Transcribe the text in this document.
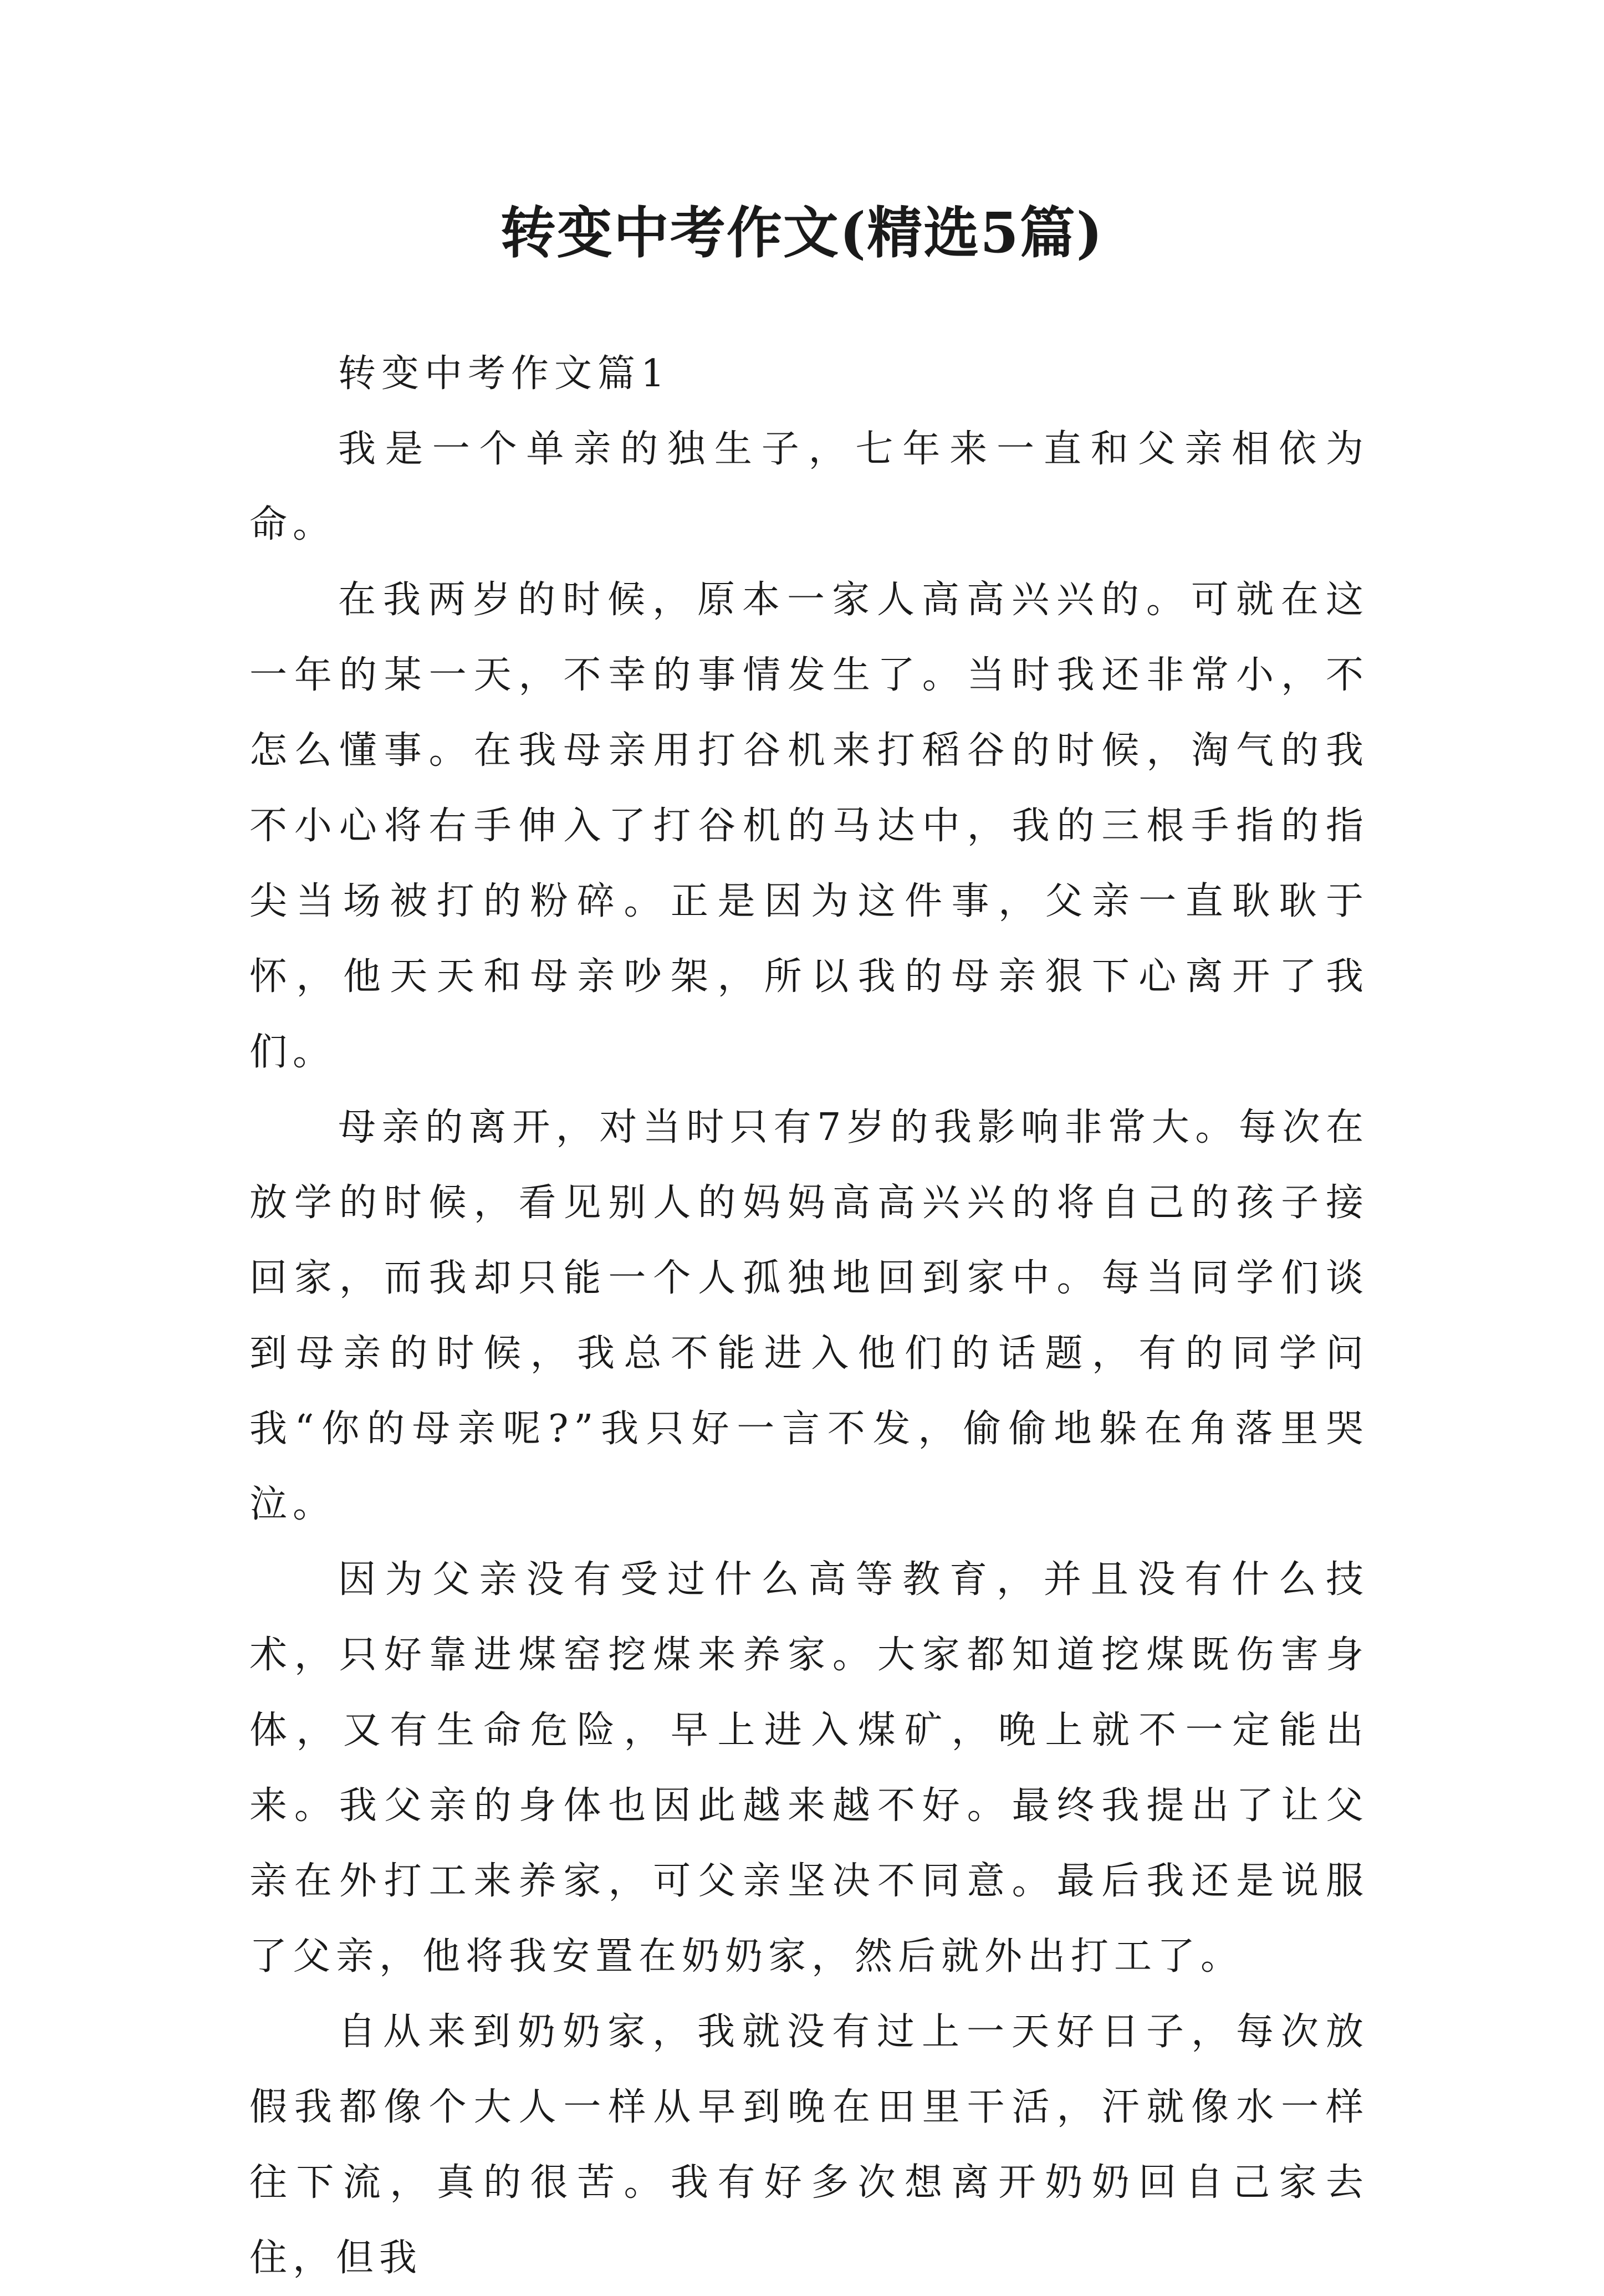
转变中考作文(精选5篇)

转变中考作文篇1

我是一个单亲的独生子，七年来一直和父亲相依为命。

在我两岁的时候，原本一家人高高兴兴的。可就在这一年的某一天，不幸的事情发生了。当时我还非常小，不怎么懂事。在我母亲用打谷机来打稻谷的时候，淘气的我不小心将右手伸入了打谷机的马达中，我的三根手指的指尖当场被打的粉碎。正是因为这件事，父亲一直耿耿于怀，他天天和母亲吵架，所以我的母亲狠下心离开了我们。

母亲的离开，对当时只有7岁的我影响非常大。每次在放学的时候，看见别人的妈妈高高兴兴的将自己的孩子接回家，而我却只能一个人孤独地回到家中。每当同学们谈到母亲的时候，我总不能进入他们的话题，有的同学问我“你的母亲呢?”我只好一言不发，偷偷地躲在角落里哭泣。

因为父亲没有受过什么高等教育，并且没有什么技术，只好靠进煤窑挖煤来养家。大家都知道挖煤既伤害身体，又有生命危险，早上进入煤矿，晚上就不一定能出来。我父亲的身体也因此越来越不好。最终我提出了让父亲在外打工来养家，可父亲坚决不同意。最后我还是说服了父亲，他将我安置在奶奶家，然后就外出打工了。

自从来到奶奶家，我就没有过上一天好日子，每次放假我都像个大人一样从早到晚在田里干活，汗就像水一样往下流，真的很苦。我有好多次想离开奶奶回自己家去住，但我
